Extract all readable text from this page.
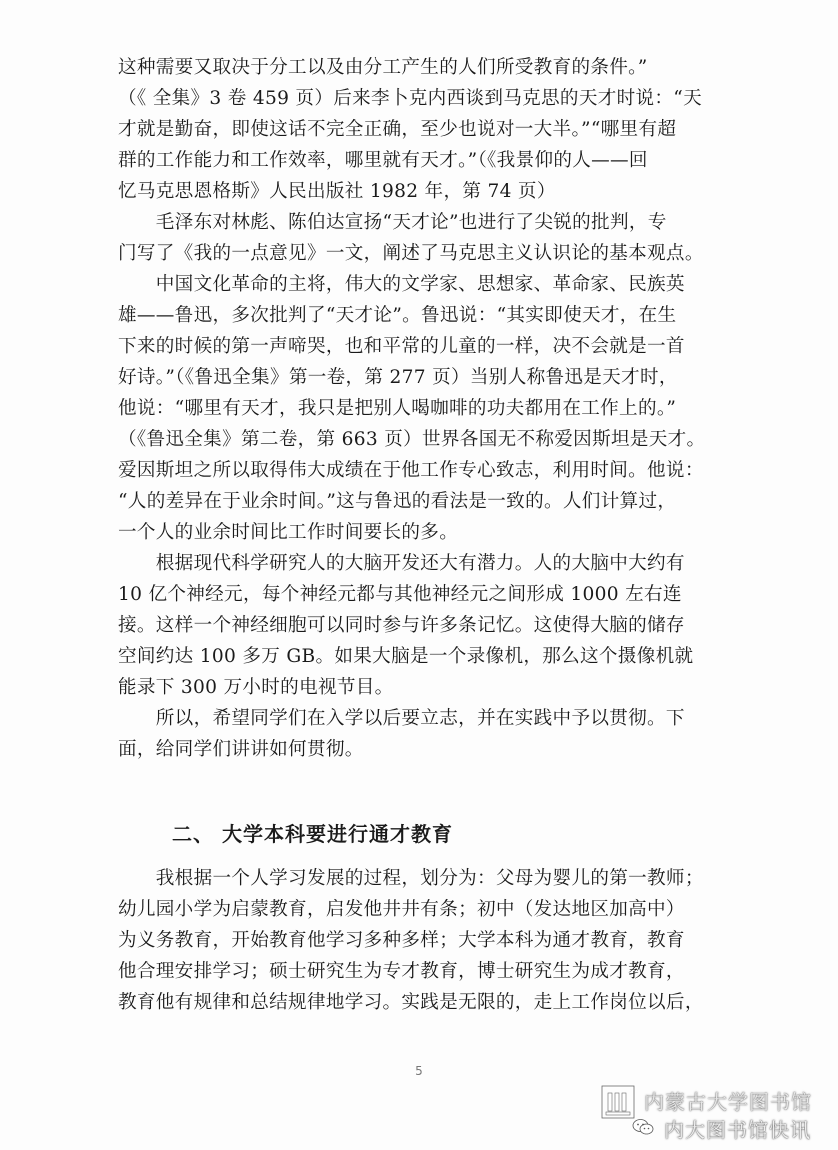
这种需要又取决于分工以及由分工产生的人们所受教育的条件。”
（《 全集》3 卷 459 页）后来李卜克内西谈到马克思的天才时说：“天
才就是勤奋，即使这话不完全正确，至少也说对一大半。”“哪里有超
群的工作能力和工作效率，哪里就有天才。”（《我景仰的人——回
忆马克思恩格斯》人民出版社 1982 年，第 74 页）
　　毛泽东对林彪、陈伯达宣扬“天才论”也进行了尖锐的批判，专
门写了《我的一点意见》一文，阐述了马克思主义认识论的基本观点。
　　中国文化革命的主将，伟大的文学家、思想家、革命家、民族英
雄——鲁迅，多次批判了“天才论”。鲁迅说：“其实即使天才，在生
下来的时候的第一声啼哭，也和平常的儿童的一样，决不会就是一首
好诗。”（《鲁迅全集》第一卷，第 277 页）当别人称鲁迅是天才时，
他说：“哪里有天才，我只是把别人喝咖啡的功夫都用在工作上的。”
（《鲁迅全集》第二卷，第 663 页）世界各国无不称爱因斯坦是天才。
爱因斯坦之所以取得伟大成绩在于他工作专心致志，利用时间。他说：
“人的差异在于业余时间。”这与鲁迅的看法是一致的。人们计算过，
一个人的业余时间比工作时间要长的多。
　　根据现代科学研究人的大脑开发还大有潜力。人的大脑中大约有
10 亿个神经元，每个神经元都与其他神经元之间形成 1000 左右连
接。这样一个神经细胞可以同时参与许多条记忆。这使得大脑的储存
空间约达 100 多万 GB。如果大脑是一个录像机，那么这个摄像机就
能录下 300 万小时的电视节目。
　　所以，希望同学们在入学以后要立志，并在实践中予以贯彻。下
面，给同学们讲讲如何贯彻。
二、 大学本科要进行通才教育
　　我根据一个人学习发展的过程，划分为：父母为婴儿的第一教师；
幼儿园小学为启蒙教育，启发他井井有条；初中（发达地区加高中）
为义务教育，开始教育他学习多种多样；大学本科为通才教育，教育
他合理安排学习；硕士研究生为专才教育，博士研究生为成才教育，
教育他有规律和总结规律地学习。实践是无限的，走上工作岗位以后，
5
内蒙古大学图书馆
内大图书馆快讯
